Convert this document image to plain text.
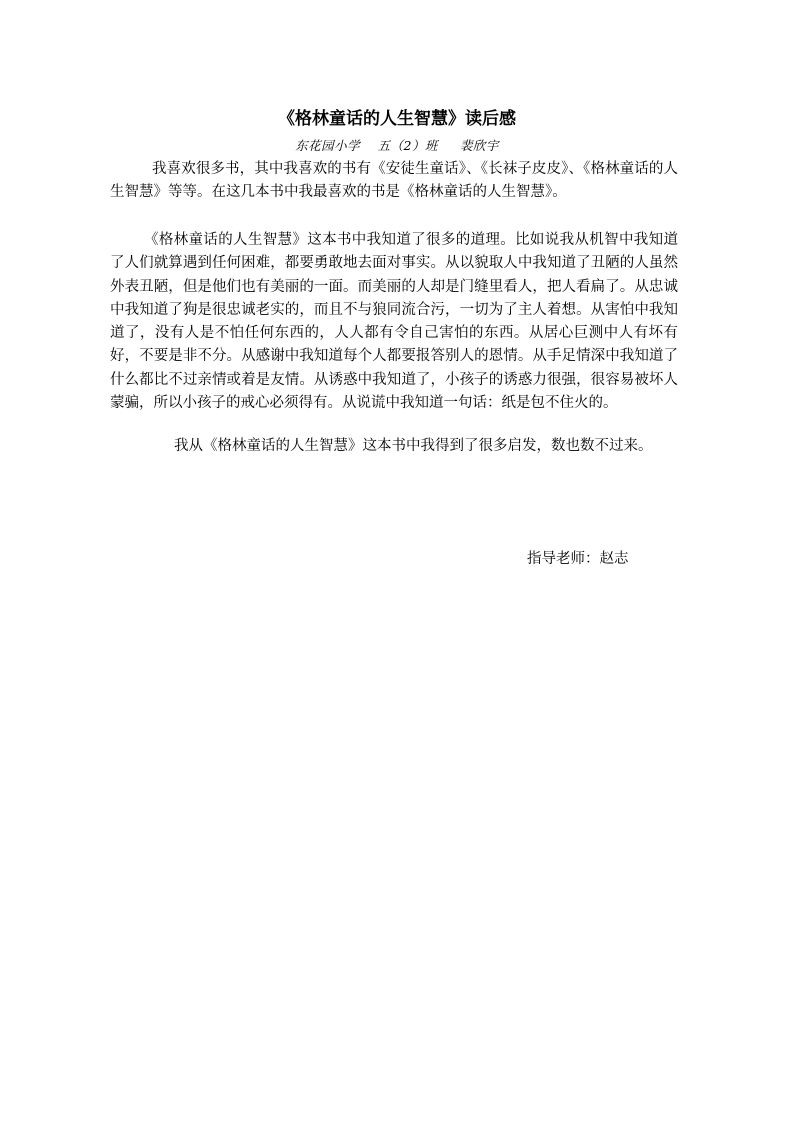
《格林童话的人生智慧》读后感
东花园小学　 五（2）班　  裴欣宇

我喜欢很多书，其中我喜欢的书有《安徒生童话》、《长袜子皮皮》、《格林童话的人生智慧》等等。在这几本书中我最喜欢的书是《格林童话的人生智慧》。

《格林童话的人生智慧》这本书中我知道了很多的道理。比如说我从机智中我知道了人们就算遇到任何困难，都要勇敢地去面对事实。从以貌取人中我知道了丑陋的人虽然外表丑陋，但是他们也有美丽的一面。而美丽的人却是门缝里看人，把人看扁了。从忠诚中我知道了狗是很忠诚老实的，而且不与狼同流合污，一切为了主人着想。从害怕中我知道了，没有人是不怕任何东西的，人人都有令自己害怕的东西。从居心巨测中人有坏有好，不要是非不分。从感谢中我知道每个人都要报答别人的恩情。从手足情深中我知道了什么都比不过亲情或着是友情。从诱惑中我知道了，小孩子的诱惑力很强，很容易被坏人蒙骗，所以小孩子的戒心必须得有。从说谎中我知道一句话：纸是包不住火的。

我从《格林童话的人生智慧》这本书中我得到了很多启发，数也数不过来。

指导老师：赵志
